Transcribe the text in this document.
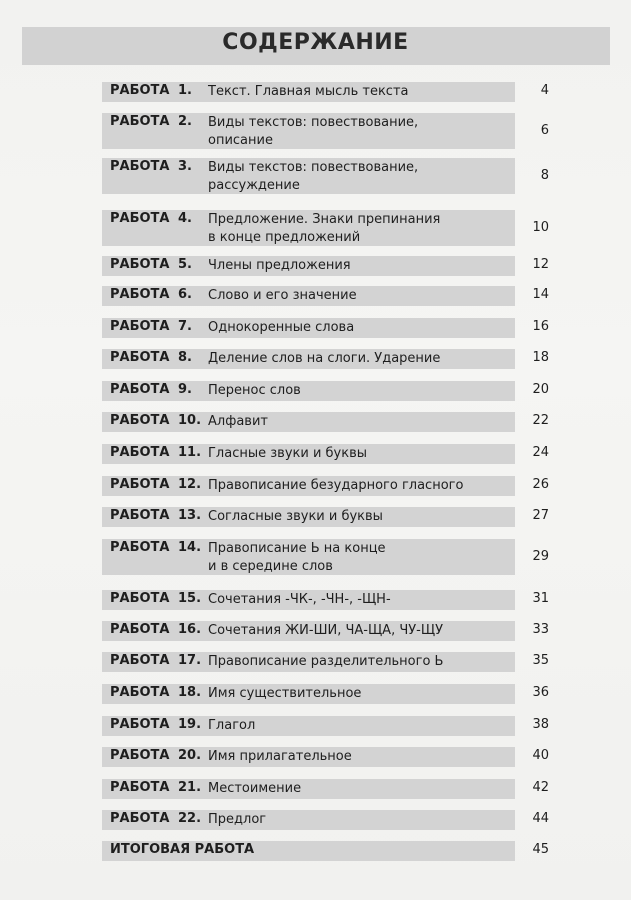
СОДЕРЖАНИЕ
РАБОТА 1. Текст. Главная мысль текста	4
РАБОТА 2. Виды текстов: повествование,
описание
6
РАБОТА 3. Виды текстов: повествование,
рассуждение
8
РАБОТА 4. Предложение. Знаки препинания
в конце предложений
10
РАБОТА 5. Члены предложения	12
РАБОТА 6. Слово и его значение	14
РАБОТА 7. Однокоренные слова	16
РАБОТА 8. Деление слов на слоги. Ударение	18
РАБОТА 9. Перенос слов	20
РАБОТА 10. Алфавит	22
РАБОТА 11. Гласные звуки и буквы	24
РАБОТА 12. Правописание безударного гласного	26
РАБОТА 13. Согласные звуки и буквы	27
РАБОТА 14. Правописание Ь на конце
и в середине слов
29
РАБОТА 15. Сочетания -ЧК-, -ЧН-, -ЩН-	31
РАБОТА 16. Сочетания ЖИ-ШИ, ЧА-ЩА, ЧУ-ЩУ	33
РАБОТА 17. Правописание разделительного Ь	35
РАБОТА 18. Имя существительное	36
РАБОТА 19. Глагол	38
РАБОТА 20. Имя прилагательное	40
РАБОТА 21. Местоимение	42
РАБОТА 22. Предлог	44
ИТОГОВАЯ РАБОТА	45
